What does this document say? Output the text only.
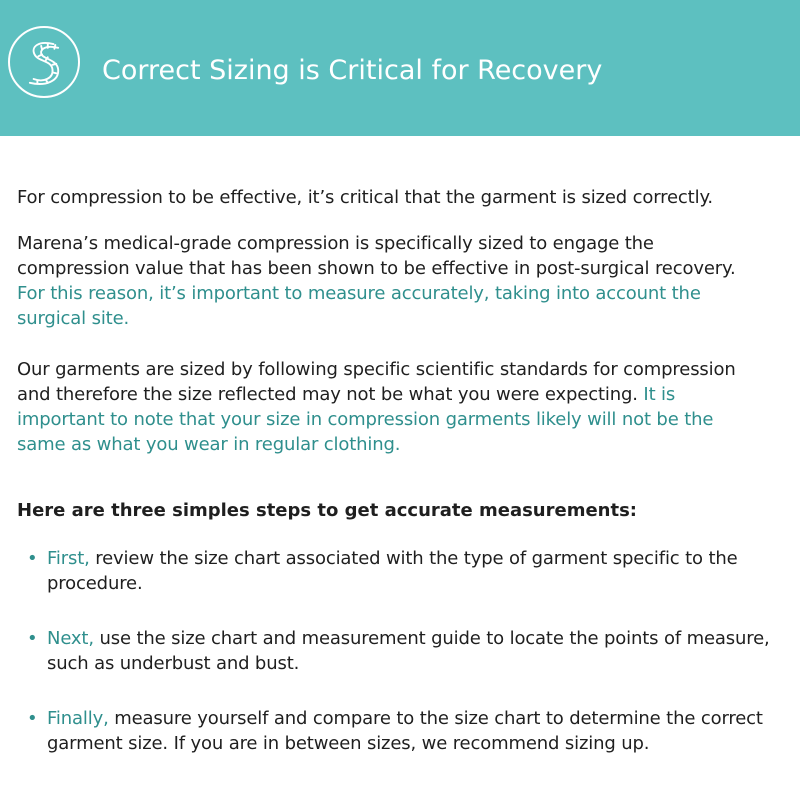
Correct Sizing is Critical for Recovery

For compression to be effective, it’s critical that the garment is sized correctly.

Marena’s medical-grade compression is specifically sized to engage the compression value that has been shown to be effective in post-surgical recovery. For this reason, it’s important to measure accurately, taking into account the surgical site.

Our garments are sized by following specific scientific standards for compression and therefore the size reflected may not be what you were expecting. It is important to note that your size in compression garments likely will not be the same as what you wear in regular clothing.

Here are three simples steps to get accurate measurements:
• First, review the size chart associated with the type of garment specific to the procedure.
• Next, use the size chart and measurement guide to locate the points of measure, such as underbust and bust.
• Finally, measure yourself and compare to the size chart to determine the correct garment size. If you are in between sizes, we recommend sizing up.
